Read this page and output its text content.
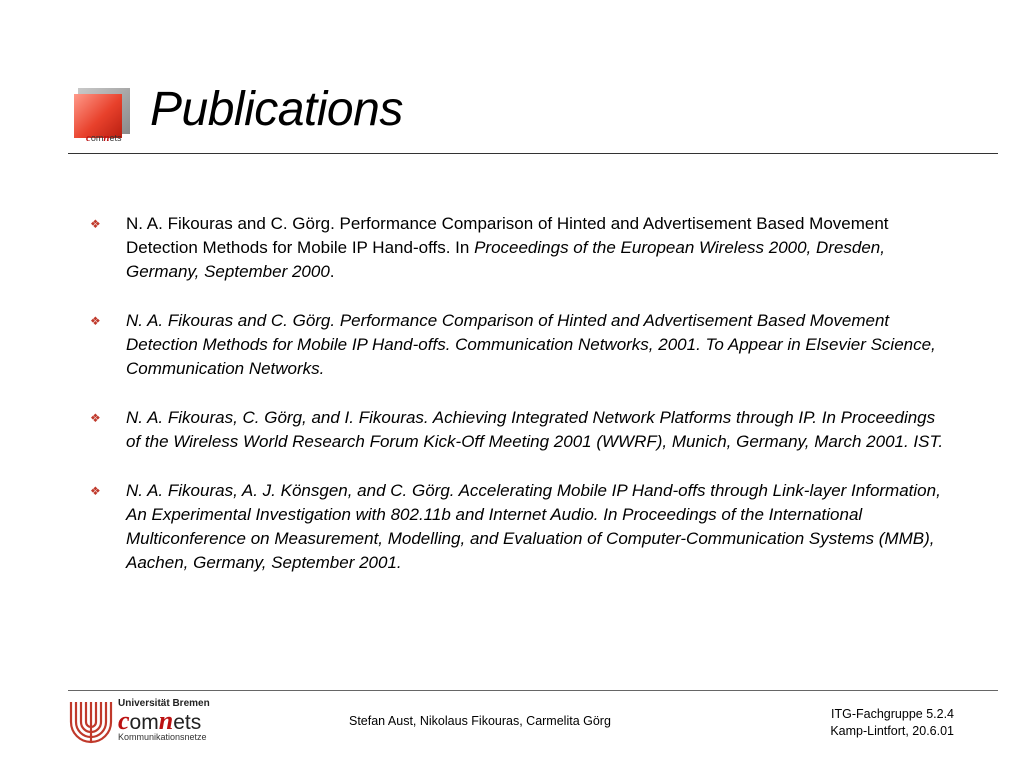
comnets
Publications
❖ N. A. Fikouras and C. Görg. Performance Comparison of Hinted and Advertisement Based Movement Detection Methods for Mobile IP Hand-offs. In Proceedings of the European Wireless 2000, Dresden, Germany, September 2000.
❖ N. A. Fikouras and C. Görg. Performance Comparison of Hinted and Advertisement Based Movement Detection Methods for Mobile IP Hand-offs. Communication Networks, 2001. To Appear in Elsevier Science, Communication Networks.
❖ N. A. Fikouras, C. Görg, and I. Fikouras. Achieving Integrated Network Platforms through IP. In Proceedings of the Wireless World Research Forum Kick-Off Meeting 2001 (WWRF), Munich, Germany, March 2001. IST.
❖ N. A. Fikouras, A. J. Könsgen, and C. Görg. Accelerating Mobile IP Hand-offs through Link-layer Information, An Experimental Investigation with 802.11b and Internet Audio. In Proceedings of the International Multiconference on Measurement, Modelling, and Evaluation of Computer-Communication Systems (MMB), Aachen, Germany, September 2001.
Universität Bremen
comnets
Kommunikationsnetze
Stefan Aust, Nikolaus Fikouras, Carmelita Görg	ITG-Fachgruppe 5.2.4
Kamp-Lintfort, 20.6.01
